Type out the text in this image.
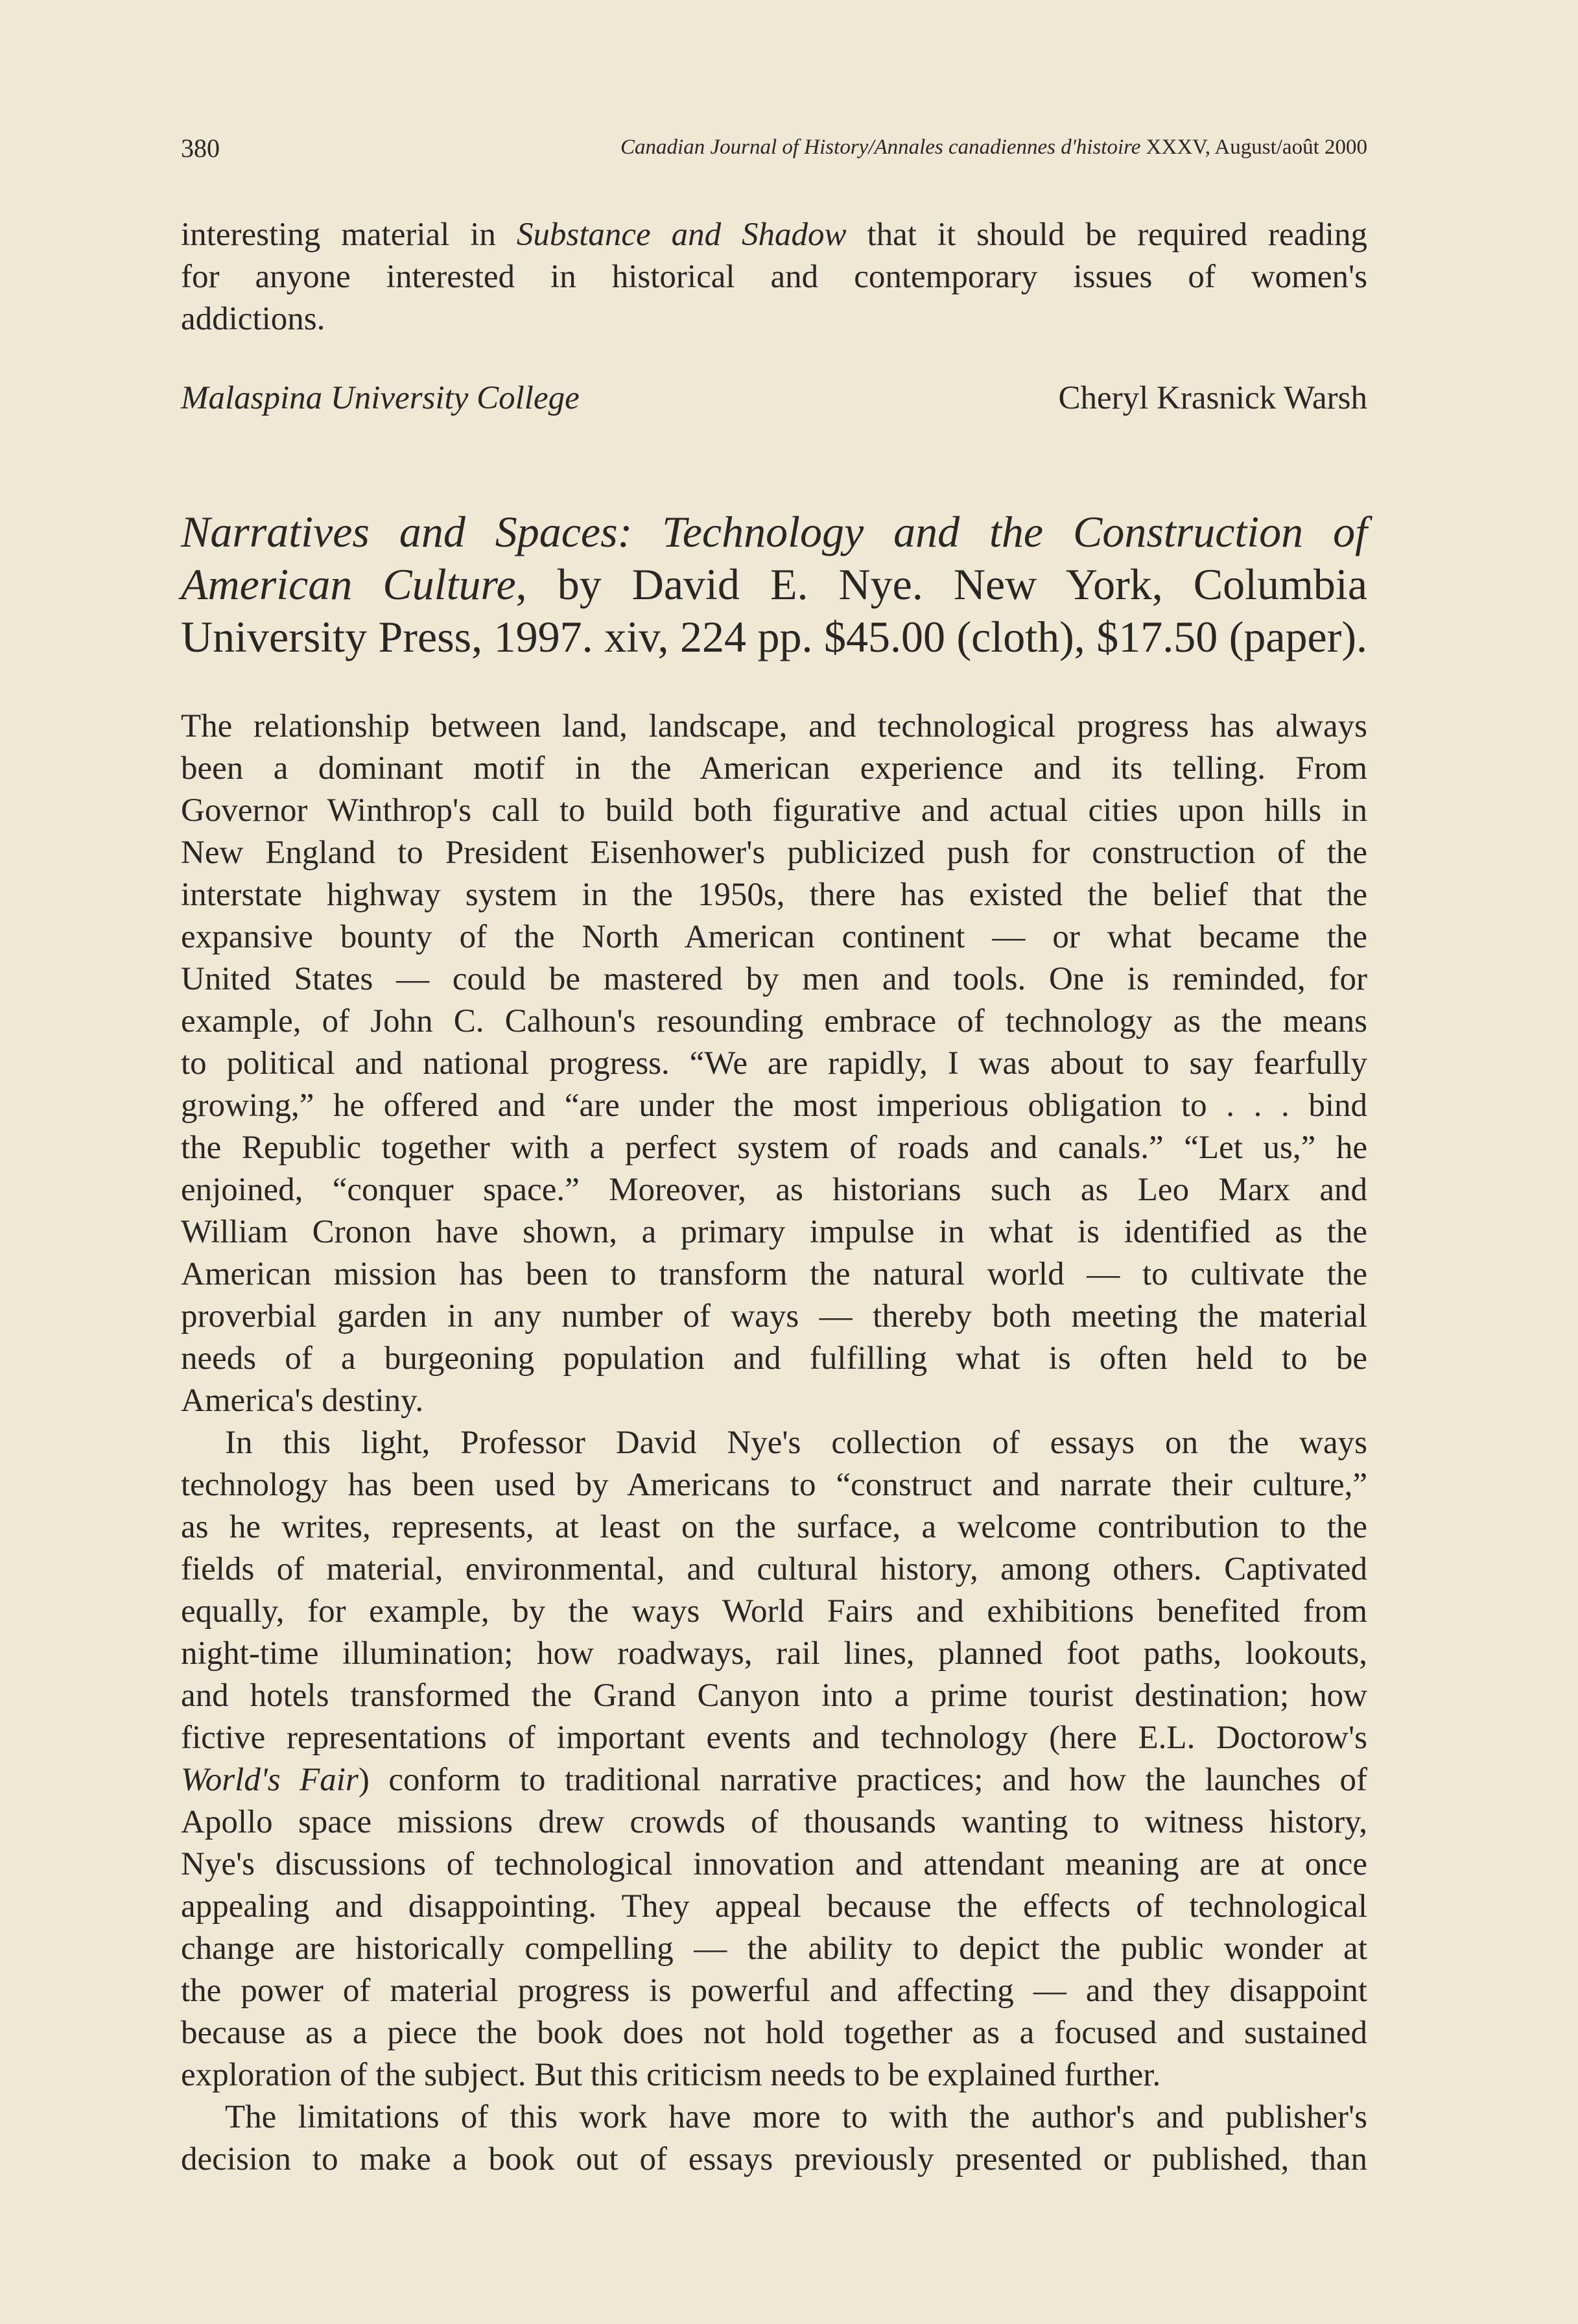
380	Canadian Journal of History/Annales canadiennes d'histoire XXXV, August/août 2000
interesting material in Substance and Shadow that it should be required reading
for anyone interested in historical and contemporary issues of women's
addictions.
Malaspina University College	Cheryl Krasnick Warsh
Narratives and Spaces: Technology and the Construction of
American Culture, by David E. Nye. New York, Columbia
University Press, 1997. xiv, 224 pp. $45.00 (cloth), $17.50 (paper).
The relationship between land, landscape, and technological progress has always
been a dominant motif in the American experience and its telling. From
Governor Winthrop's call to build both figurative and actual cities upon hills in
New England to President Eisenhower's publicized push for construction of the
interstate highway system in the 1950s, there has existed the belief that the
expansive bounty of the North American continent — or what became the
United States — could be mastered by men and tools. One is reminded, for
example, of John C. Calhoun's resounding embrace of technology as the means
to political and national progress. “We are rapidly, I was about to say fearfully
growing,” he offered and “are under the most imperious obligation to . . . bind
the Republic together with a perfect system of roads and canals.” “Let us,” he
enjoined, “conquer space.” Moreover, as historians such as Leo Marx and
William Cronon have shown, a primary impulse in what is identified as the
American mission has been to transform the natural world — to cultivate the
proverbial garden in any number of ways — thereby both meeting the material
needs of a burgeoning population and fulfilling what is often held to be
America's destiny.
In this light, Professor David Nye's collection of essays on the ways
technology has been used by Americans to “construct and narrate their culture,”
as he writes, represents, at least on the surface, a welcome contribution to the
fields of material, environmental, and cultural history, among others. Captivated
equally, for example, by the ways World Fairs and exhibitions benefited from
night-time illumination; how roadways, rail lines, planned foot paths, lookouts,
and hotels transformed the Grand Canyon into a prime tourist destination; how
fictive representations of important events and technology (here E.L. Doctorow's
World's Fair) conform to traditional narrative practices; and how the launches of
Apollo space missions drew crowds of thousands wanting to witness history,
Nye's discussions of technological innovation and attendant meaning are at once
appealing and disappointing. They appeal because the effects of technological
change are historically compelling — the ability to depict the public wonder at
the power of material progress is powerful and affecting — and they disappoint
because as a piece the book does not hold together as a focused and sustained
exploration of the subject. But this criticism needs to be explained further.
The limitations of this work have more to with the author's and publisher's
decision to make a book out of essays previously presented or published, than
